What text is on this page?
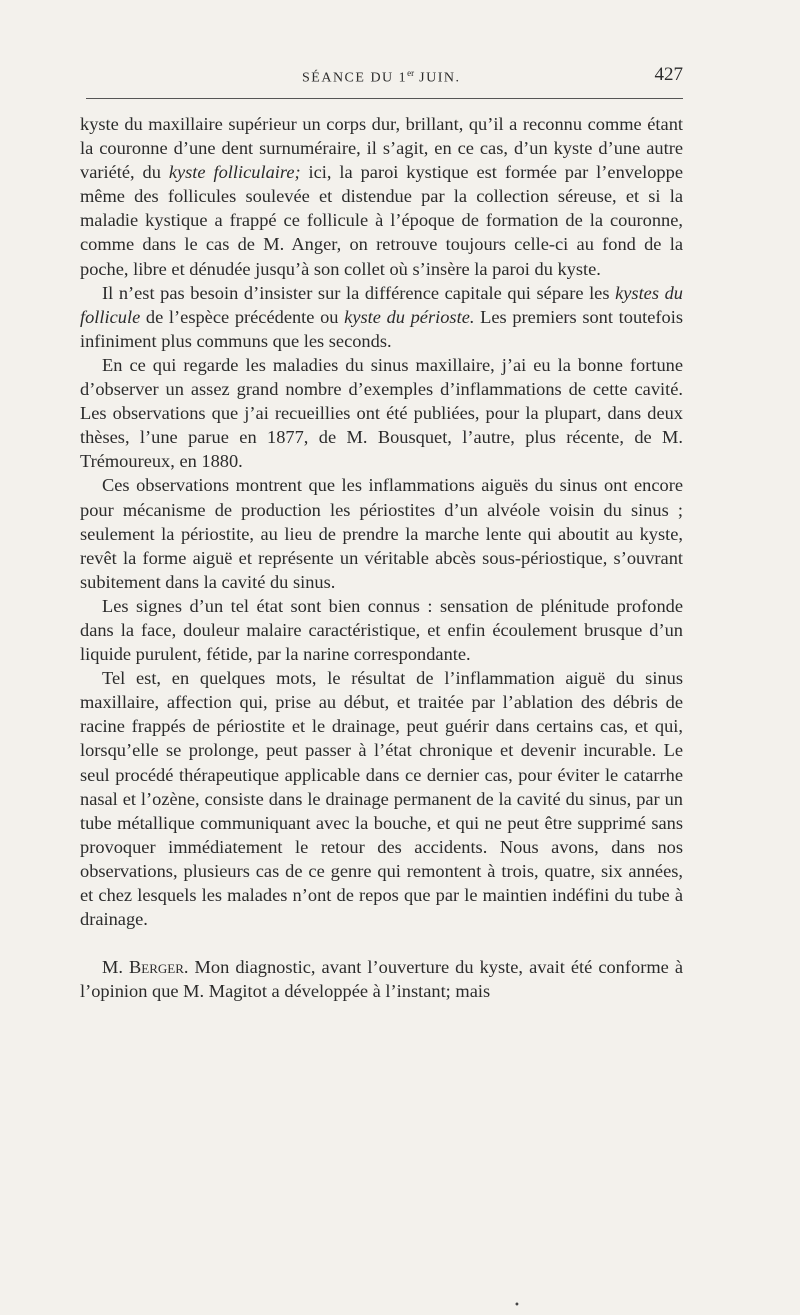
SÉANCE DU 1er JUIN.	427

kyste du maxillaire supérieur un corps dur, brillant, qu’il a reconnu comme étant la couronne d’une dent surnuméraire, il s’agit, en ce cas, d’un kyste d’une autre variété, du kyste folliculaire; ici, la paroi kystique est formée par l’enveloppe même des follicules soulevée et distendue par la collection séreuse, et si la maladie kystique a frappé ce follicule à l’époque de formation de la couronne, comme dans le cas de M. Anger, on retrouve toujours celle-ci au fond de la poche, libre et dénudée jusqu’à son collet où s’insère la paroi du kyste.

Il n’est pas besoin d’insister sur la différence capitale qui sépare les kystes du follicule de l’espèce précédente ou kyste du périoste. Les premiers sont toutefois infiniment plus communs que les seconds.

En ce qui regarde les maladies du sinus maxillaire, j’ai eu la bonne fortune d’observer un assez grand nombre d’exemples d’inflammations de cette cavité. Les observations que j’ai recueillies ont été publiées, pour la plupart, dans deux thèses, l’une parue en 1877, de M. Bousquet, l’autre, plus récente, de M. Trémoureux, en 1880.

Ces observations montrent que les inflammations aiguës du sinus ont encore pour mécanisme de production les périostites d’un alvéole voisin du sinus ; seulement la périostite, au lieu de prendre la marche lente qui aboutit au kyste, revêt la forme aiguë et représente un véritable abcès sous-périostique, s’ouvrant subitement dans la cavité du sinus.

Les signes d’un tel état sont bien connus : sensation de plénitude profonde dans la face, douleur malaire caractéristique, et enfin écoulement brusque d’un liquide purulent, fétide, par la narine correspondante.

Tel est, en quelques mots, le résultat de l’inflammation aiguë du sinus maxillaire, affection qui, prise au début, et traitée par l’ablation des débris de racine frappés de périostite et le drainage, peut guérir dans certains cas, et qui, lorsqu’elle se prolonge, peut passer à l’état chronique et devenir incurable. Le seul procédé thérapeutique applicable dans ce dernier cas, pour éviter le catarrhe nasal et l’ozène, consiste dans le drainage permanent de la cavité du sinus, par un tube métallique communiquant avec la bouche, et qui ne peut être supprimé sans provoquer immédiatement le retour des accidents. Nous avons, dans nos observations, plusieurs cas de ce genre qui remontent à trois, quatre, six années, et chez lesquels les malades n’ont de repos que par le maintien indéfini du tube à drainage.

M. Berger. Mon diagnostic, avant l’ouverture du kyste, avait été conforme à l’opinion que M. Magitot a développée à l’instant; mais

•
